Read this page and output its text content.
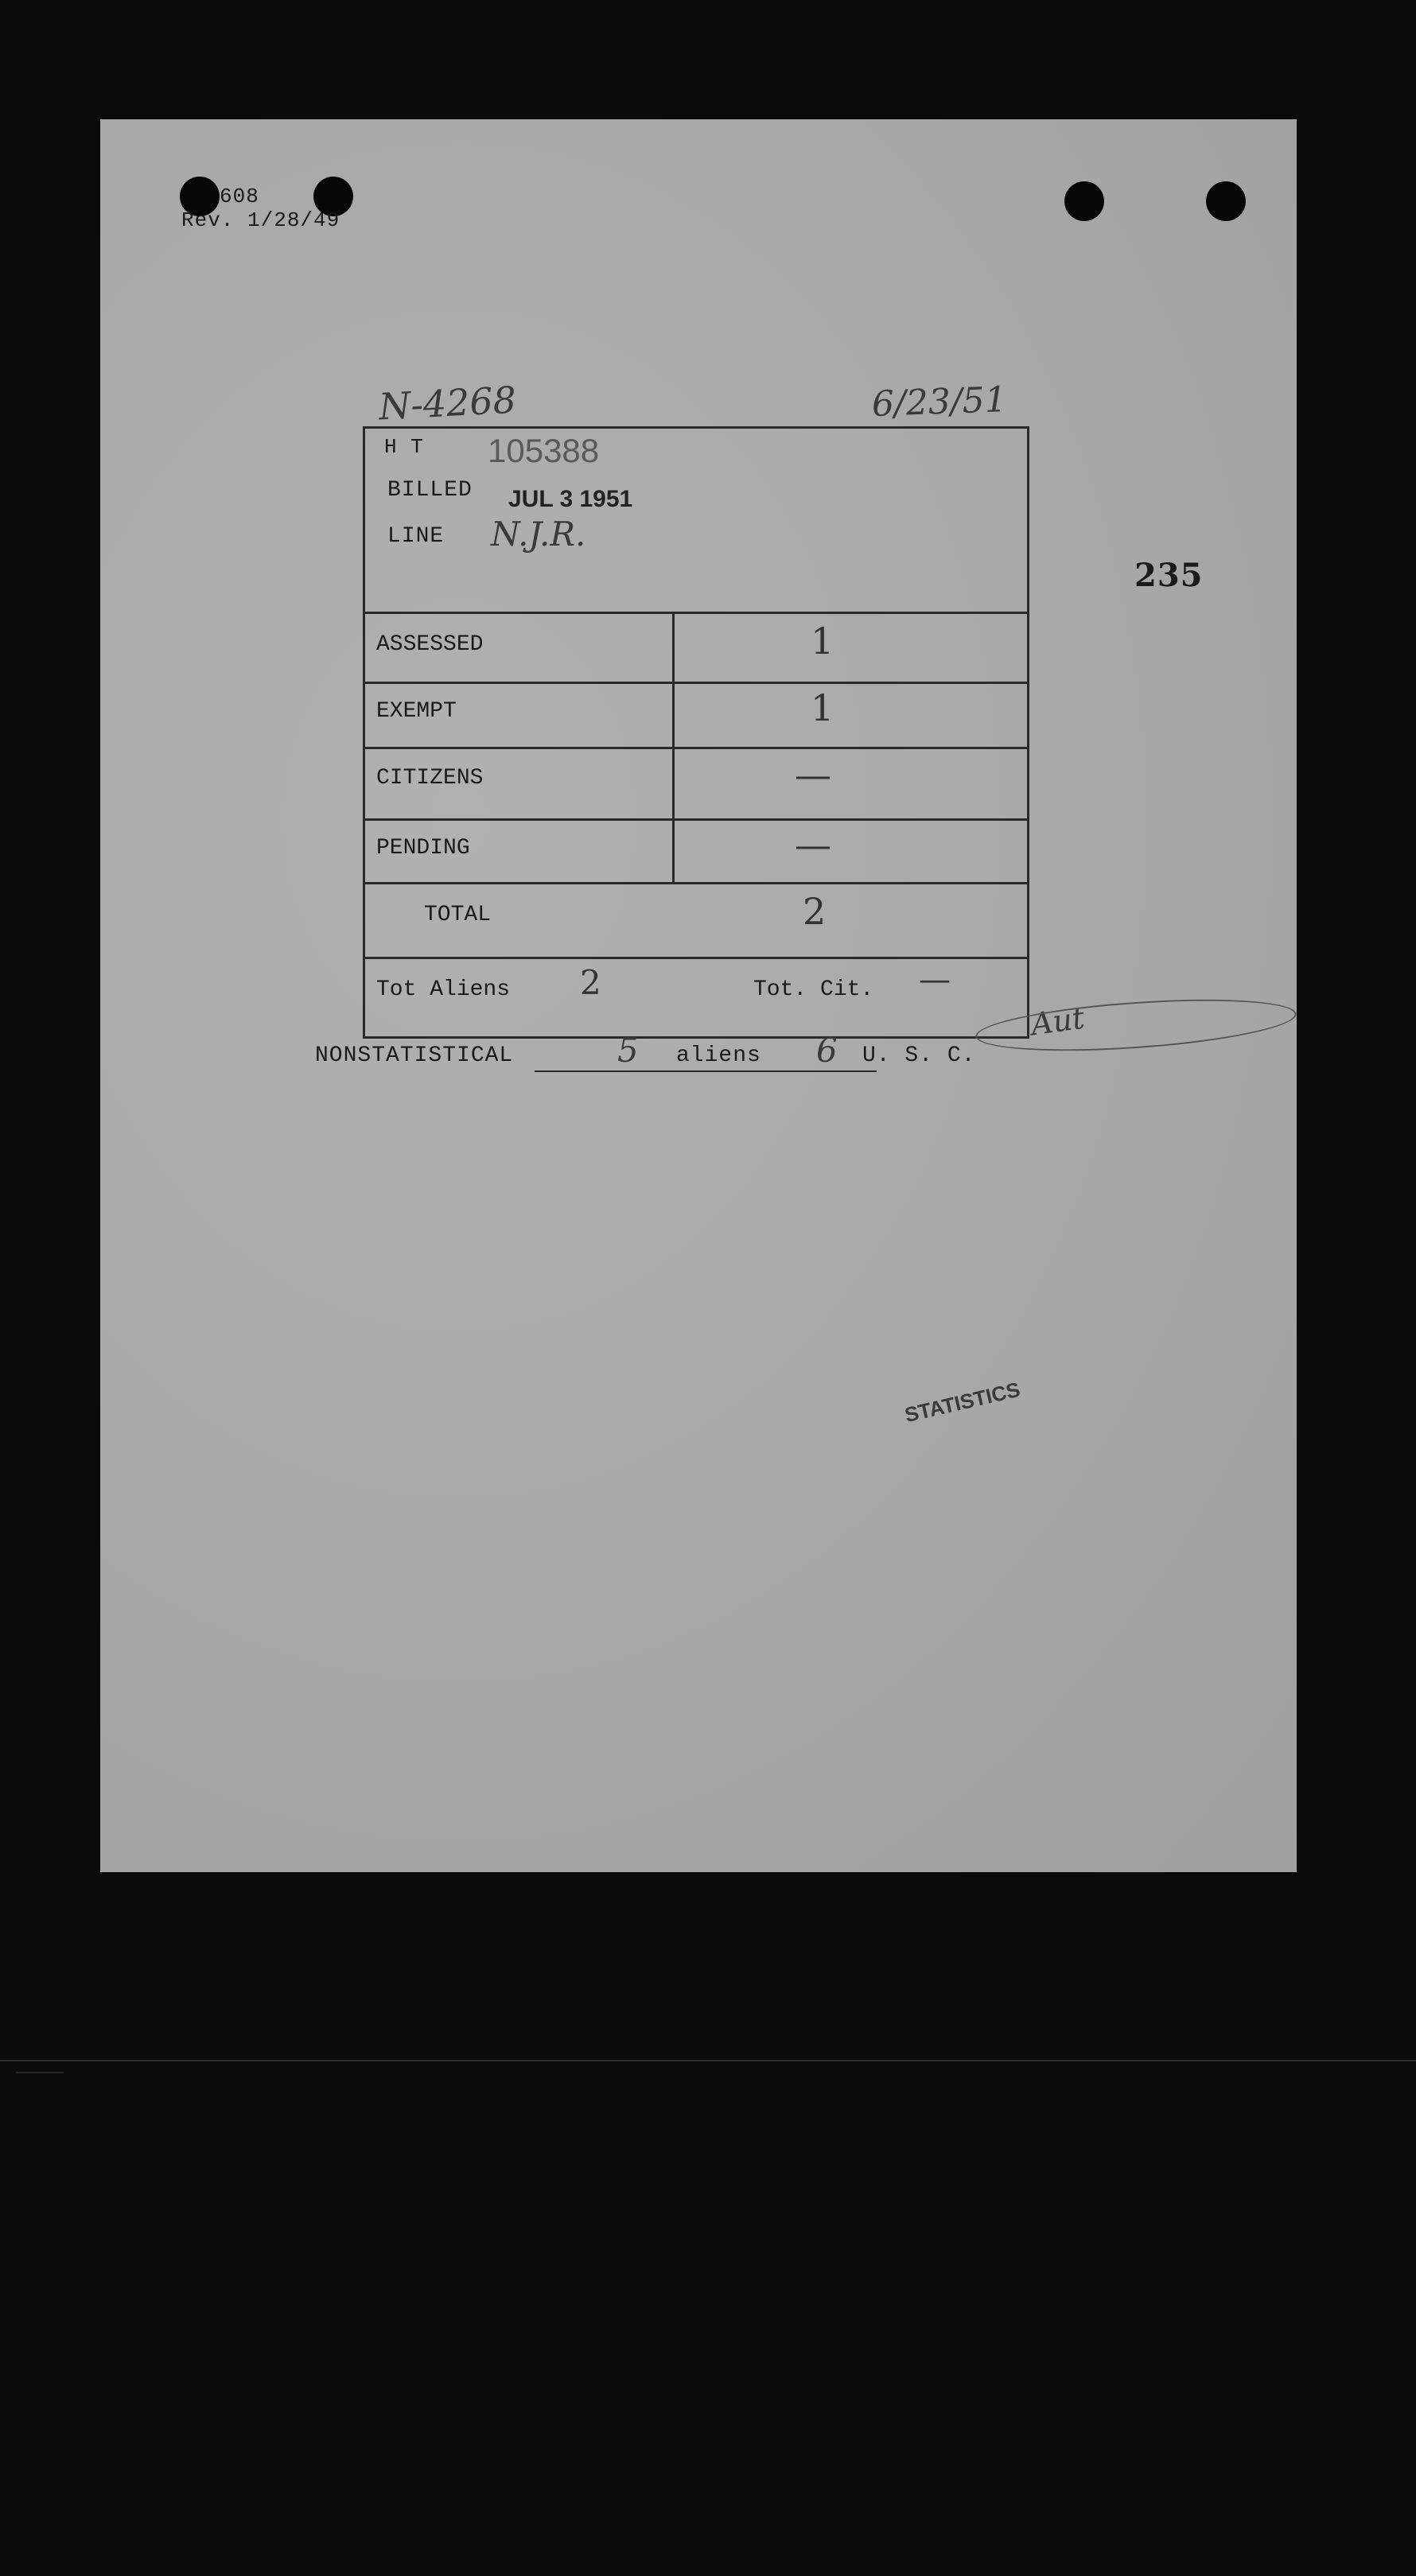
608
Rev. 1/28/49
N-4268	6/23/51
235
H T 105388
BILLED JUL 3 1951
LINE N.J.R.
ASSESSED	1
EXEMPT	1
CITIZENS	—
PENDING	—
TOTAL	2
Tot Aliens 2	Tot. Cit. —
Aut
NONSTATISTICAL	5 aliens 6 U. S. C.
STATISTICS
